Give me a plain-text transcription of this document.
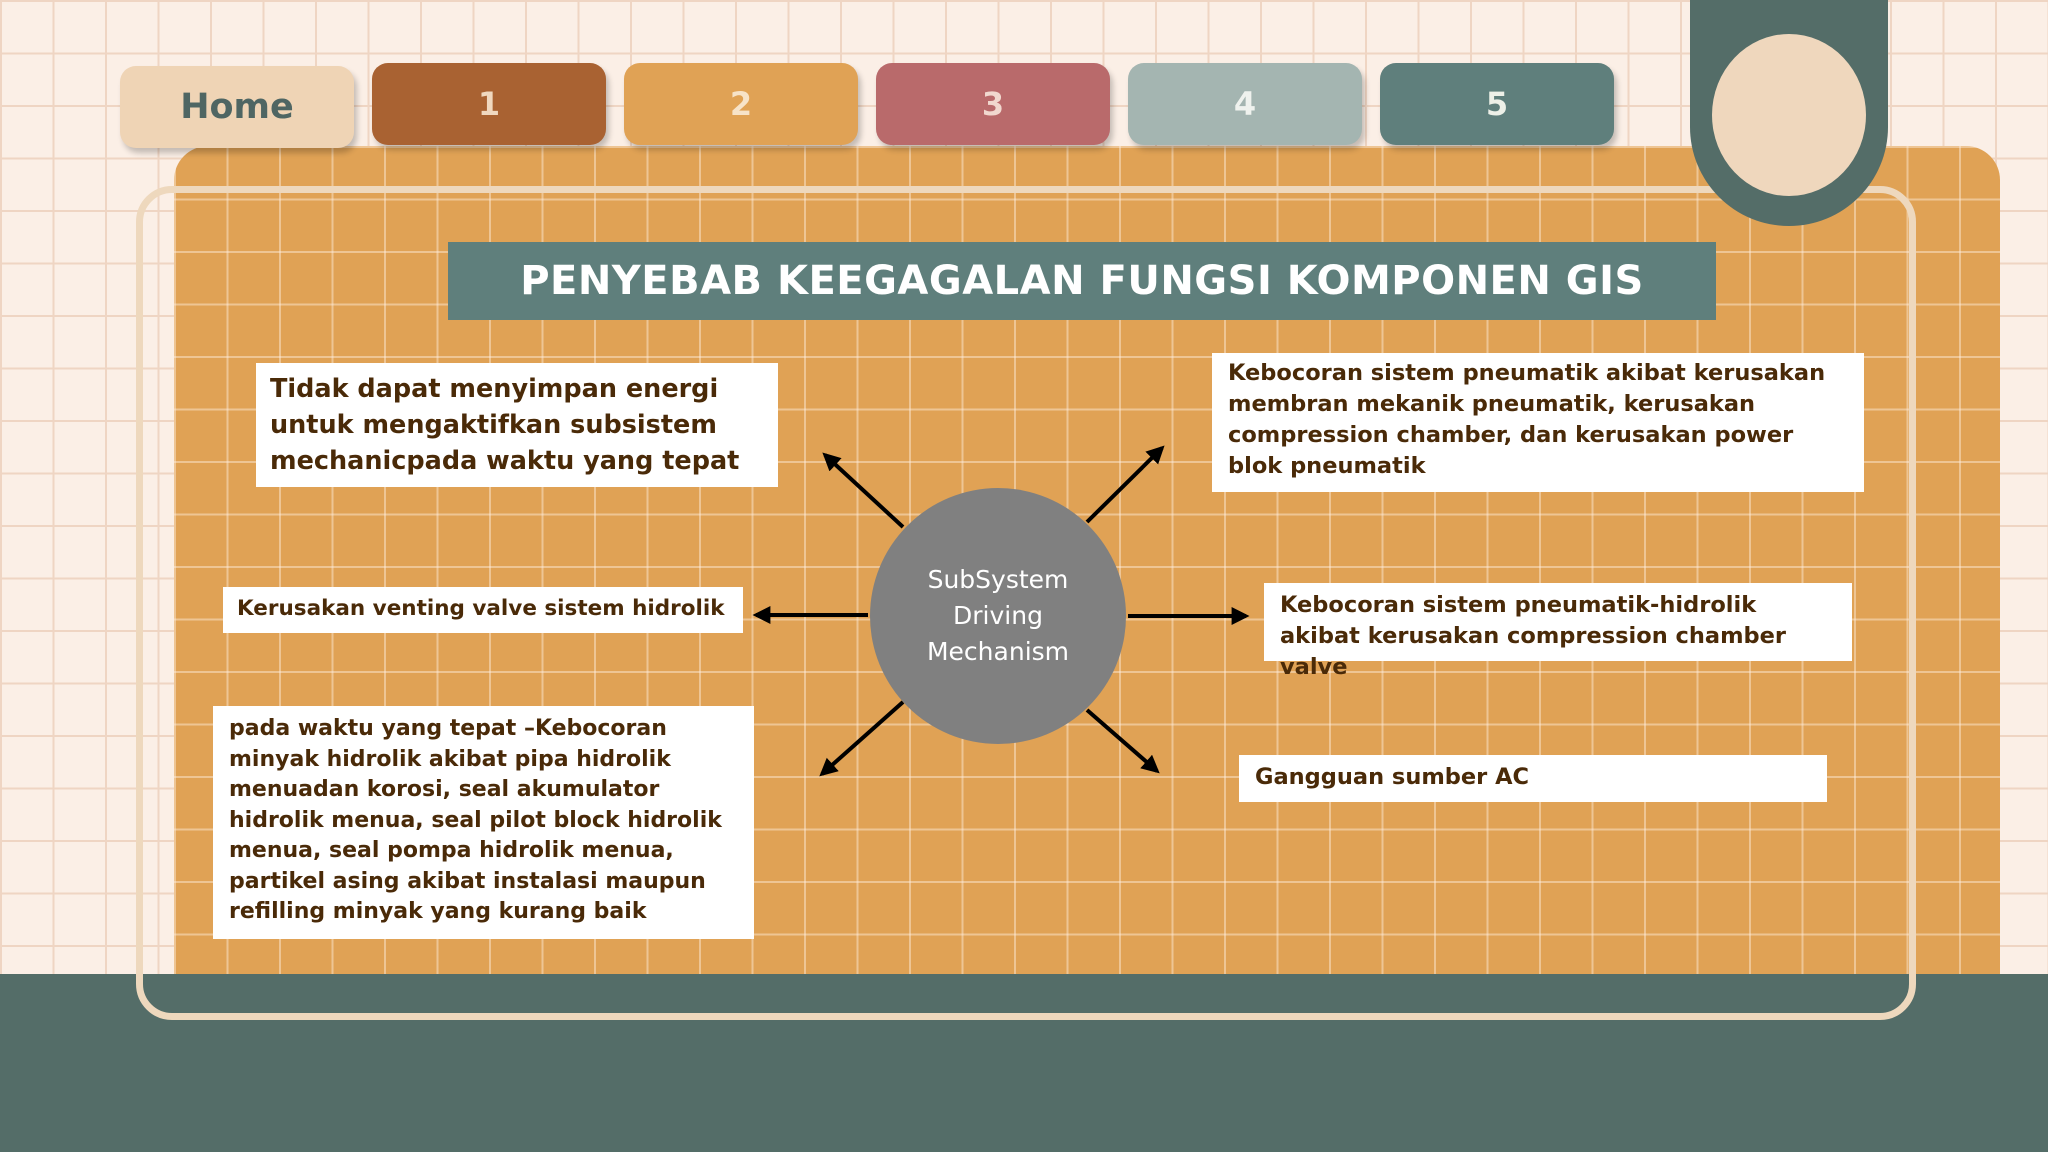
Home	1	2	3	4	5
PENYEBAB KEEGAGALAN FUNGSI KOMPONEN GIS
SubSystem
Driving
Mechanism
Tidak dapat menyimpan energi untuk mengaktifkan subsistem mechanicpada waktu yang tepat
Kerusakan venting valve sistem hidrolik
pada waktu yang tepat –Kebocoran minyak hidrolik akibat pipa hidrolik menuadan korosi, seal akumulator hidrolik menua, seal pilot block hidrolik menua, seal pompa hidrolik menua, partikel asing akibat instalasi maupun refilling minyak yang kurang baik
Kebocoran sistem pneumatik akibat kerusakan membran mekanik pneumatik, kerusakan compression chamber, dan kerusakan power blok pneumatik
Kebocoran sistem pneumatik-hidrolik akibat kerusakan compression chamber valve
Gangguan sumber AC
